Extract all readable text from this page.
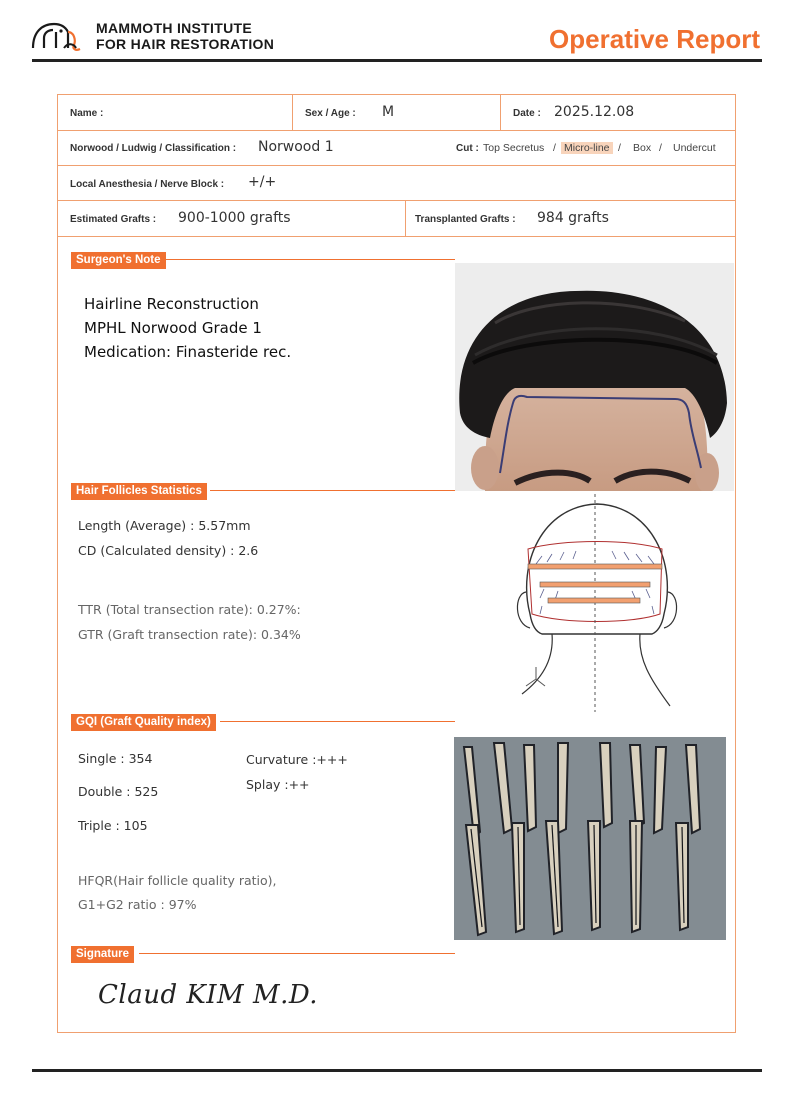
MAMMOTH INSTITUTE
FOR HAIR RESTORATION	Operative Report
Name :	Sex / Age : M	Date : 2025.12.08
Norwood / Ludwig / Classification : Norwood 1	Cut : Top Secretus / Micro-line / Box / Undercut
Local Anesthesia / Nerve Block : +/+
Estimated Grafts : 900-1000 grafts	Transplanted Grafts : 984 grafts
Surgeon's Note
Hairline Reconstruction
MPHL Norwood Grade 1
Medication: Finasteride rec.
Hair Follicles Statistics
Length (Average) : 5.57mm
CD (Calculated density) : 2.6
TTR (Total transection rate): 0.27%:
GTR (Graft transection rate): 0.34%
GQI (Graft Quality index)
Single : 354
Double : 525
Triple : 105
Curvature :+++
Splay :++
HFQR(Hair follicle quality ratio),
G1+G2 ratio : 97%
Signature
Claud KIM M.D.
